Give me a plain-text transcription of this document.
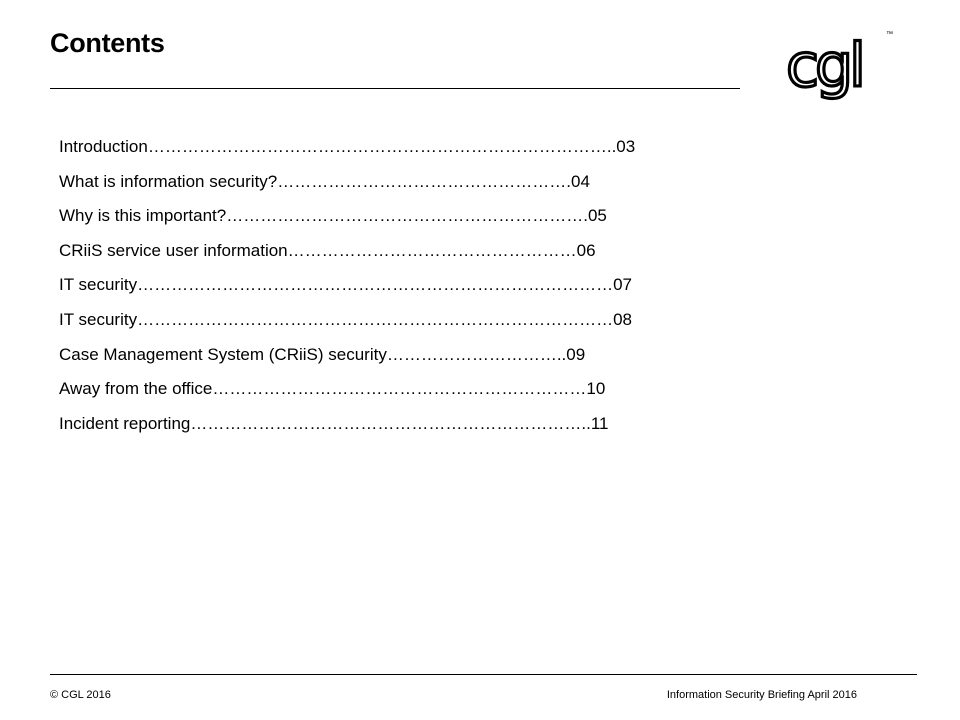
Contents	cgl	™
Introduction ……………………………………………………………………….. 03
What is information security? ……………………………………………. 04
Why is this important? ………………………………………………………. 05
CRiiS service user information …………………………………………… 06
IT security ………………………………………………………………………… 07
IT security ………………………………………………………………………… 08
Case Management System (CRiiS) security ………………………….. 09
Away from the office ………………………………………………………… 10
Incident reporting …………………………………………………………….. 11
© CGL 2016	Information Security Briefing April 2016
